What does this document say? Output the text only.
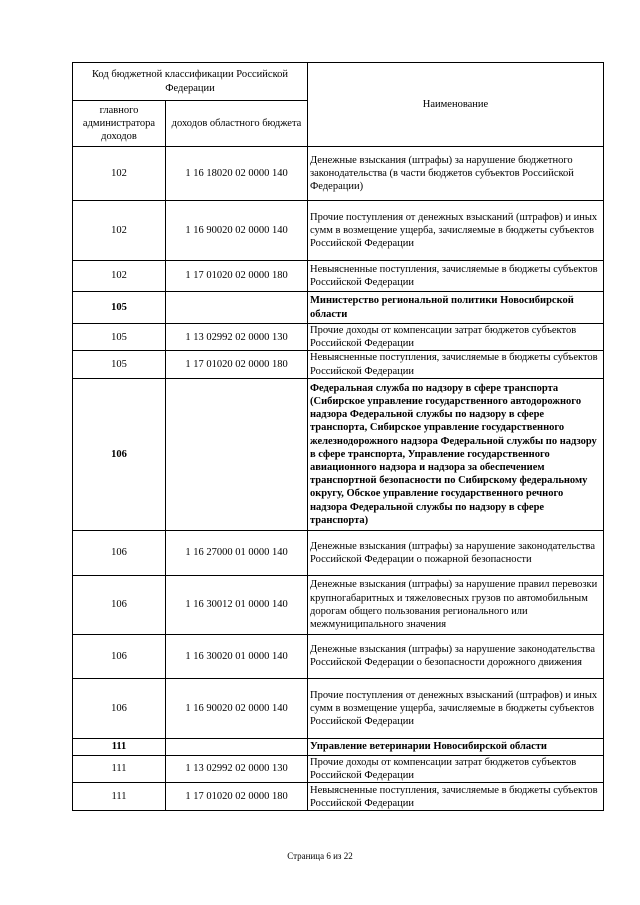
Код бюджетной классификации Российской Федерации		Наименование
главного администратора доходов	доходов областного бюджета	
102	1 16 18020 02 0000 140	Денежные взыскания (штрафы) за нарушение бюджетного законодательства (в части бюджетов субъектов Российской Федерации)
102	1 16 90020 02 0000 140	Прочие поступления от денежных взысканий (штрафов) и иных сумм в возмещение ущерба, зачисляемые в бюджеты субъектов Российской Федерации
102	1 17 01020 02 0000 180	Невыясненные поступления, зачисляемые в бюджеты субъектов Российской Федерации
105		Министерство региональной политики Новосибирской области
105	1 13 02992 02 0000 130	Прочие доходы от компенсации затрат бюджетов субъектов Российской Федерации
105	1 17 01020 02 0000 180	Невыясненные поступления, зачисляемые в бюджеты субъектов Российской Федерации
106		Федеральная служба по надзору в сфере транспорта (Сибирское управление государственного автодорожного надзора Федеральной службы по надзору в сфере транспорта, Сибирское управление государственного железнодорожного надзора Федеральной службы по надзору в сфере транспорта, Управление государственного авиационного надзора и надзора за обеспечением транспортной безопасности по Сибирскому федеральному округу, Обское управление государственного речного надзора Федеральной службы по надзору в сфере транспорта)
106	1 16 27000 01 0000 140	Денежные взыскания (штрафы) за нарушение законодательства Российской Федерации о пожарной безопасности
106	1 16 30012 01 0000 140	Денежные взыскания (штрафы) за нарушение правил перевозки крупногабаритных и тяжеловесных грузов по автомобильным дорогам общего пользования регионального или межмуниципального значения
106	1 16 30020 01 0000 140	Денежные взыскания (штрафы) за нарушение законодательства Российской Федерации о безопасности дорожного движения
106	1 16 90020 02 0000 140	Прочие поступления от денежных взысканий (штрафов) и иных сумм в возмещение ущерба, зачисляемые в бюджеты субъектов Российской Федерации
111		Управление ветеринарии Новосибирской области
111	1 13 02992 02 0000 130	Прочие доходы от компенсации затрат бюджетов субъектов Российской Федерации
111	1 17 01020 02 0000 180	Невыясненные поступления, зачисляемые в бюджеты субъектов Российской Федерации
Страница 6 из 22
